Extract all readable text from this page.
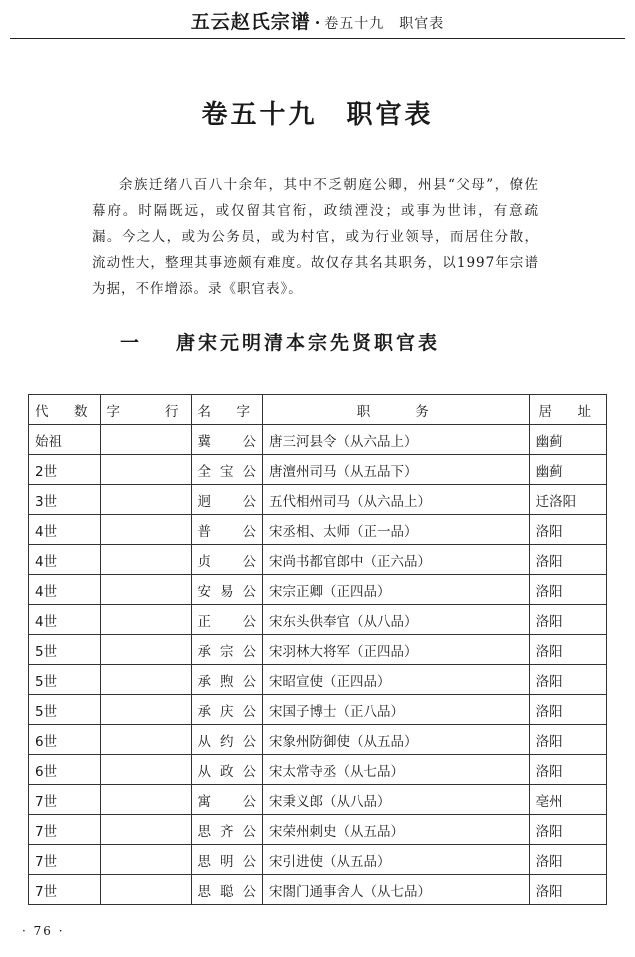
五云赵氏宗谱 · 卷五十九　职官表
卷五十九　职官表
余族迁绪八百八十余年，其中不乏朝庭公卿，州县“父母”，僚佐幕府。时隔既远，或仅留其官衔，政绩湮没；或事为世讳，有意疏漏。今之人，或为公务员，或为村官，或为行业领导，而居住分散，流动性大，整理其事迹颇有难度。故仅存其名其职务，以1997年宗谱为据，不作增添。录《职官表》。
一 唐宋元明清本宗先贤职官表
代　数	字　　行	名　字	职　　务	居　址
始祖		冀公	唐三河县令（从六品上）	幽蓟
2世		全宝公	唐澶州司马（从五品下）	幽蓟
3世		迥公	五代相州司马（从六品上）	迁洛阳
4世		普公	宋丞相、太师（正一品）	洛阳
4世		贞公	宋尚书都官郎中（正六品）	洛阳
4世		安易公	宋宗正卿（正四品）	洛阳
4世		正公	宋东头供奉官（从八品）	洛阳
5世		承宗公	宋羽林大将军（正四品）	洛阳
5世		承煦公	宋昭宣使（正四品）	洛阳
5世		承庆公	宋国子博士（正八品）	洛阳
6世		从约公	宋象州防御使（从五品）	洛阳
6世		从政公	宋太常寺丞（从七品）	洛阳
7世		寓公	宋秉义郎（从八品）	亳州
7世		思齐公	宋荣州刺史（从五品）	洛阳
7世		思明公	宋引进使（从五品）	洛阳
7世		思聪公	宋閤门通事舍人（从七品）	洛阳
· 76 ·
